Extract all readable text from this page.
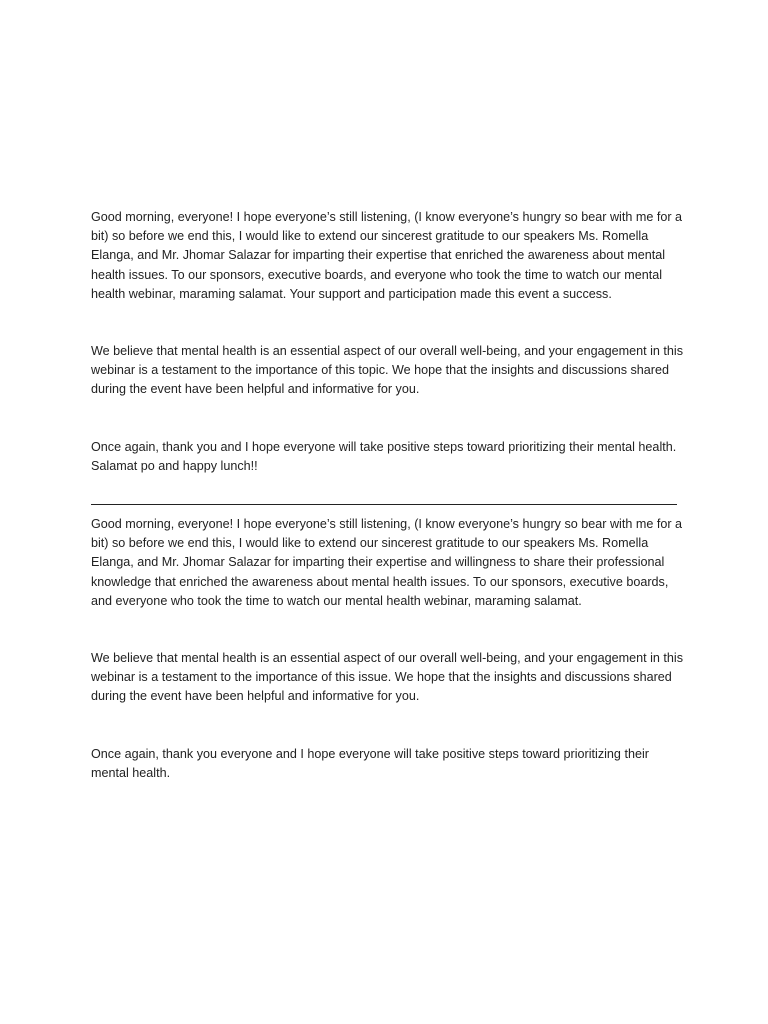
Good morning, everyone! I hope everyone’s still listening, (I know everyone’s hungry so bear with me for a bit) so before we end this, I would like to extend our sincerest gratitude to our speakers Ms. Romella Elanga, and Mr. Jhomar Salazar for imparting their expertise that enriched the awareness about mental health issues. To our sponsors, executive boards, and everyone who took the time to watch our mental health webinar, maraming salamat. Your support and participation made this event a success.

We believe that mental health is an essential aspect of our overall well-being, and your engagement in this webinar is a testament to the importance of this topic. We hope that the insights and discussions shared during the event have been helpful and informative for you.

Once again, thank you and I hope everyone will take positive steps toward prioritizing their mental health. Salamat po and happy lunch!!

Good morning, everyone! I hope everyone’s still listening, (I know everyone’s hungry so bear with me for a bit) so before we end this, I would like to extend our sincerest gratitude to our speakers Ms. Romella Elanga, and Mr. Jhomar Salazar for imparting their expertise and willingness to share their professional knowledge that enriched the awareness about mental health issues. To our sponsors, executive boards, and everyone who took the time to watch our mental health webinar, maraming salamat.

We believe that mental health is an essential aspect of our overall well-being, and your engagement in this webinar is a testament to the importance of this issue. We hope that the insights and discussions shared during the event have been helpful and informative for you.

Once again, thank you everyone and I hope everyone will take positive steps toward prioritizing their mental health.
